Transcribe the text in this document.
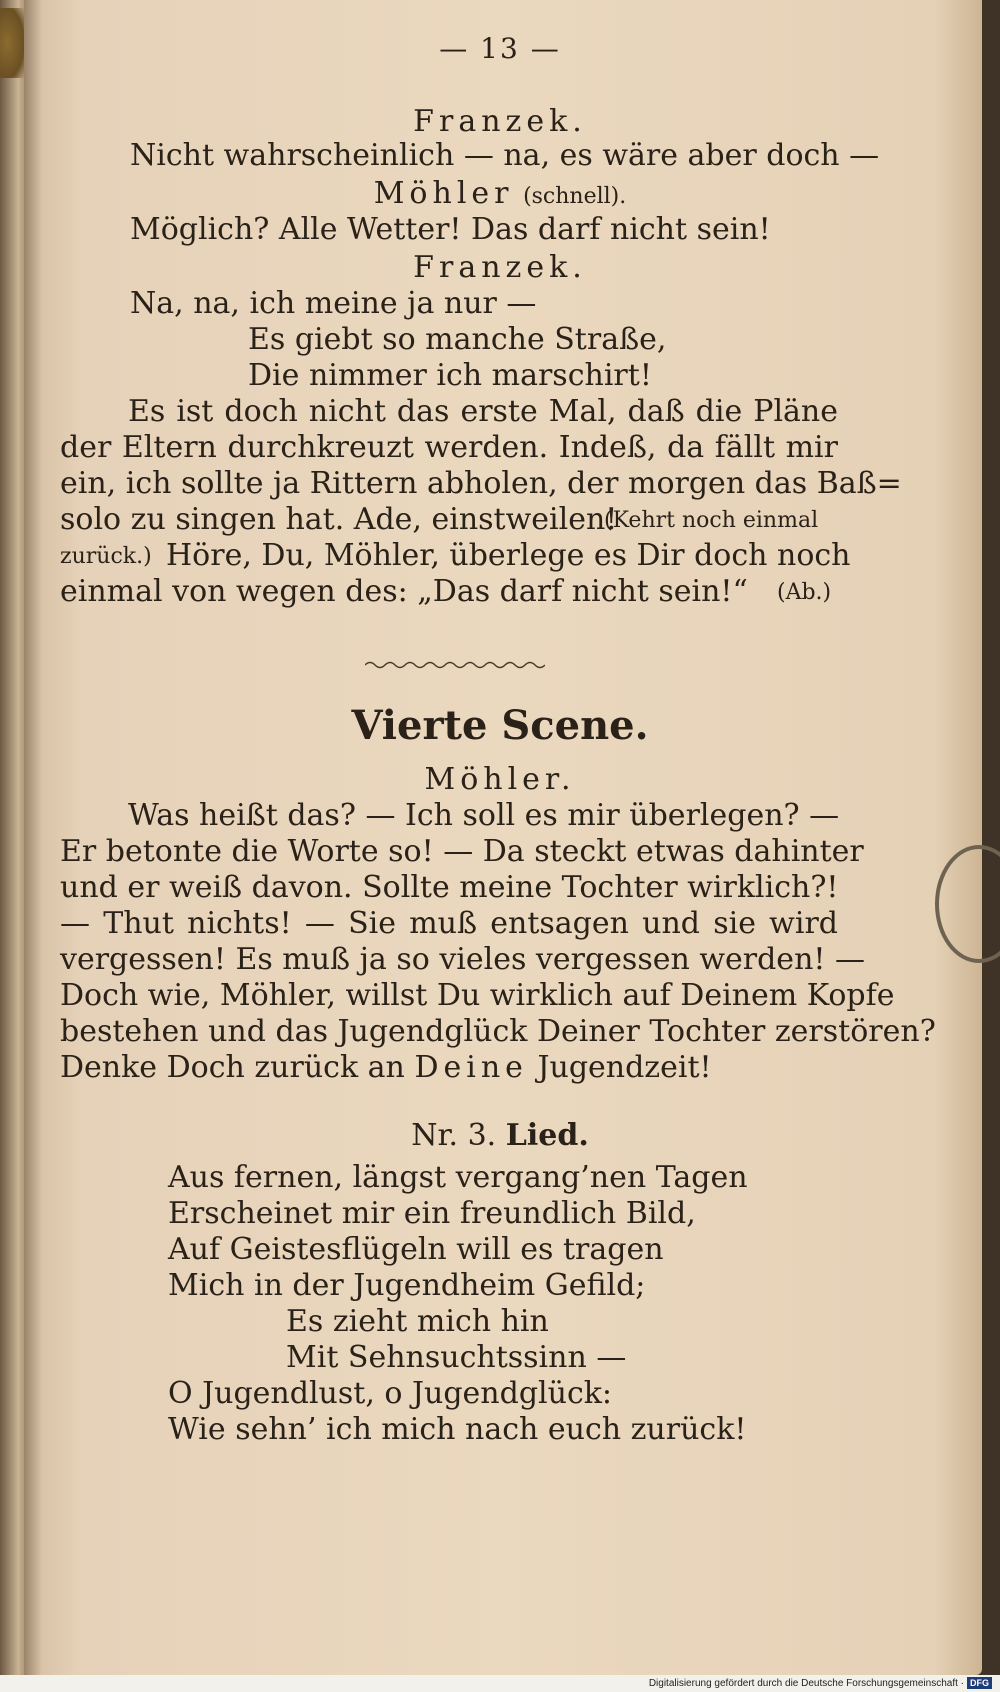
— 13 —
Franzek.
Nicht wahrscheinlich — na, es wäre aber doch —
Möhler (schnell).
Möglich? Alle Wetter! Das darf nicht sein!
Franzek.
Na, na, ich meine ja nur —
Es giebt so manche Straße,
Die nimmer ich marschirt!
Es ist doch nicht das erste Mal, daß die Pläne
der Eltern durchkreuzt werden. Indeß, da fällt mir
ein, ich sollte ja Rittern abholen, der morgen das Baß=
solo zu singen hat. Ade, einstweilen!
(Kehrt noch einmal
zurück.) Höre, Du, Möhler, überlege es Dir doch noch
einmal von wegen des: „Das darf nicht sein!“ (Ab.)
Vierte Scene.
Möhler.
Was heißt das? — Ich soll es mir überlegen? —
Er betonte die Worte so! — Da steckt etwas dahinter
und er weiß davon. Sollte meine Tochter wirklich?!
— Thut nichts! — Sie muß entsagen und sie wird
vergessen! Es muß ja so vieles vergessen werden! —
Doch wie, Möhler, willst Du wirklich auf Deinem Kopfe
bestehen und das Jugendglück Deiner Tochter zerstören?
Denke Doch zurück an Deine Jugendzeit!
Nr. 3. Lied.
Aus fernen, längst vergang’nen Tagen
Erscheinet mir ein freundlich Bild,
Auf Geistesflügeln will es tragen
Mich in der Jugendheim Gefild;
Es zieht mich hin
Mit Sehnsuchtssinn —
O Jugendlust, o Jugendglück:
Wie sehn’ ich mich nach euch zurück!
Digitalisierung gefördert durch die Deutsche Forschungsgemeinschaft · DFG
